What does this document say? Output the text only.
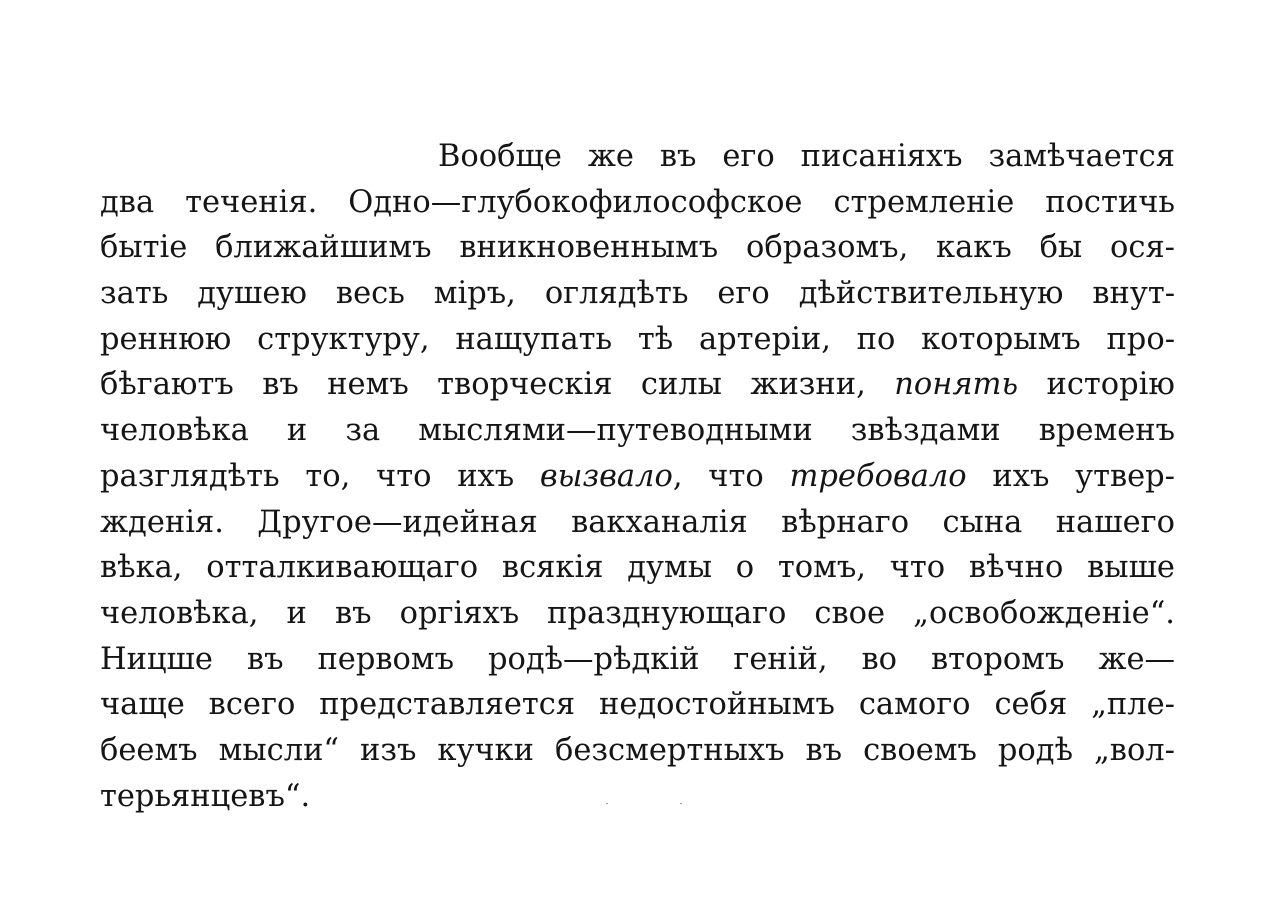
Вообще же въ его писаніяхъ замѣчается
два теченія. Одно—глубокофилософское стремленіе постичь
бытіе ближайшимъ вникновеннымъ образомъ, какъ бы ося-
зать душею весь міръ, оглядѣть его дѣйствительную внут-
реннюю структуру, нащупать тѣ артеріи, по которымъ про-
бѣгаютъ въ немъ творческія силы жизни, понять исторію
человѣка и за мыслями—путеводными звѣздами временъ
разглядѣть то, что ихъ вызвало, что требовало ихъ утвер-
жденія. Другое—идейная вакханалія вѣрнаго сына нашего
вѣка, отталкивающаго всякія думы о томъ, что вѣчно выше
человѣка, и въ оргіяхъ празднующаго свое „освобожденіе“.
Ницше въ первомъ родѣ—рѣдкій геній, во второмъ же—
чаще всего представляется недостойнымъ самого себя „пле-
беемъ мысли“ изъ кучки безсмертныхъ въ своемъ родѣ „вол-
терьянцевъ“.
